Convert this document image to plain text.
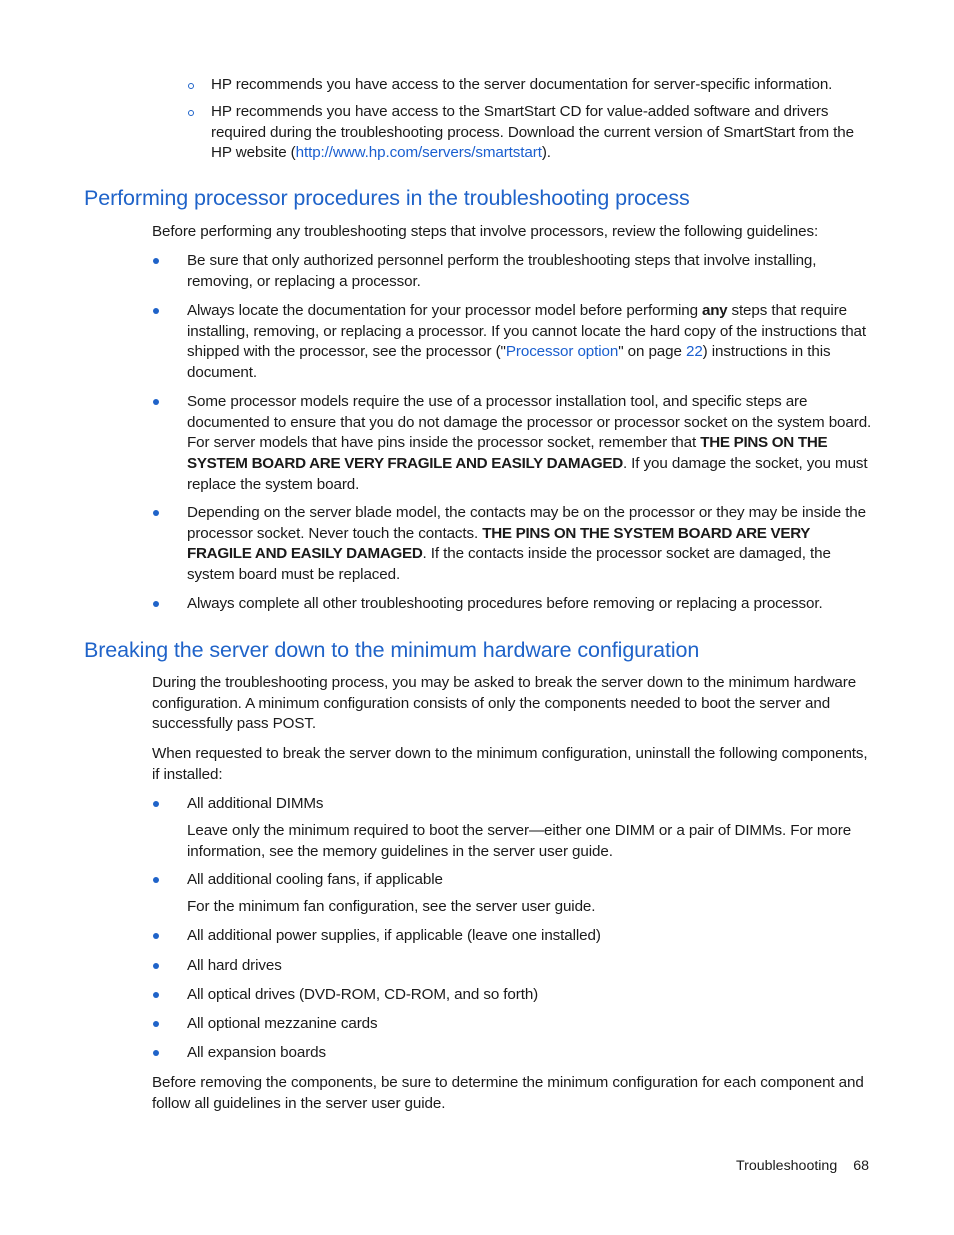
HP recommends you have access to the server documentation for server-specific information.

HP recommends you have access to the SmartStart CD for value-added software and drivers required during the troubleshooting process. Download the current version of SmartStart from the HP website (http://www.hp.com/servers/smartstart).

Performing processor procedures in the troubleshooting process

Before performing any troubleshooting steps that involve processors, review the following guidelines:

Be sure that only authorized personnel perform the troubleshooting steps that involve installing, removing, or replacing a processor.

Always locate the documentation for your processor model before performing any steps that require installing, removing, or replacing a processor. If you cannot locate the hard copy of the instructions that shipped with the processor, see the processor ("Processor option" on page 22) instructions in this document.

Some processor models require the use of a processor installation tool, and specific steps are documented to ensure that you do not damage the processor or processor socket on the system board. For server models that have pins inside the processor socket, remember that THE PINS ON THE SYSTEM BOARD ARE VERY FRAGILE AND EASILY DAMAGED. If you damage the socket, you must replace the system board.

Depending on the server blade model, the contacts may be on the processor or they may be inside the processor socket. Never touch the contacts. THE PINS ON THE SYSTEM BOARD ARE VERY FRAGILE AND EASILY DAMAGED. If the contacts inside the processor socket are damaged, the system board must be replaced.

Always complete all other troubleshooting procedures before removing or replacing a processor.

Breaking the server down to the minimum hardware configuration

During the troubleshooting process, you may be asked to break the server down to the minimum hardware configuration. A minimum configuration consists of only the components needed to boot the server and successfully pass POST.

When requested to break the server down to the minimum configuration, uninstall the following components, if installed:

All additional DIMMs

Leave only the minimum required to boot the server—either one DIMM or a pair of DIMMs. For more information, see the memory guidelines in the server user guide.

All additional cooling fans, if applicable

For the minimum fan configuration, see the server user guide.

All additional power supplies, if applicable (leave one installed)

All hard drives

All optical drives (DVD-ROM, CD-ROM, and so forth)

All optional mezzanine cards

All expansion boards

Before removing the components, be sure to determine the minimum configuration for each component and follow all guidelines in the server user guide.

Troubleshooting 68
